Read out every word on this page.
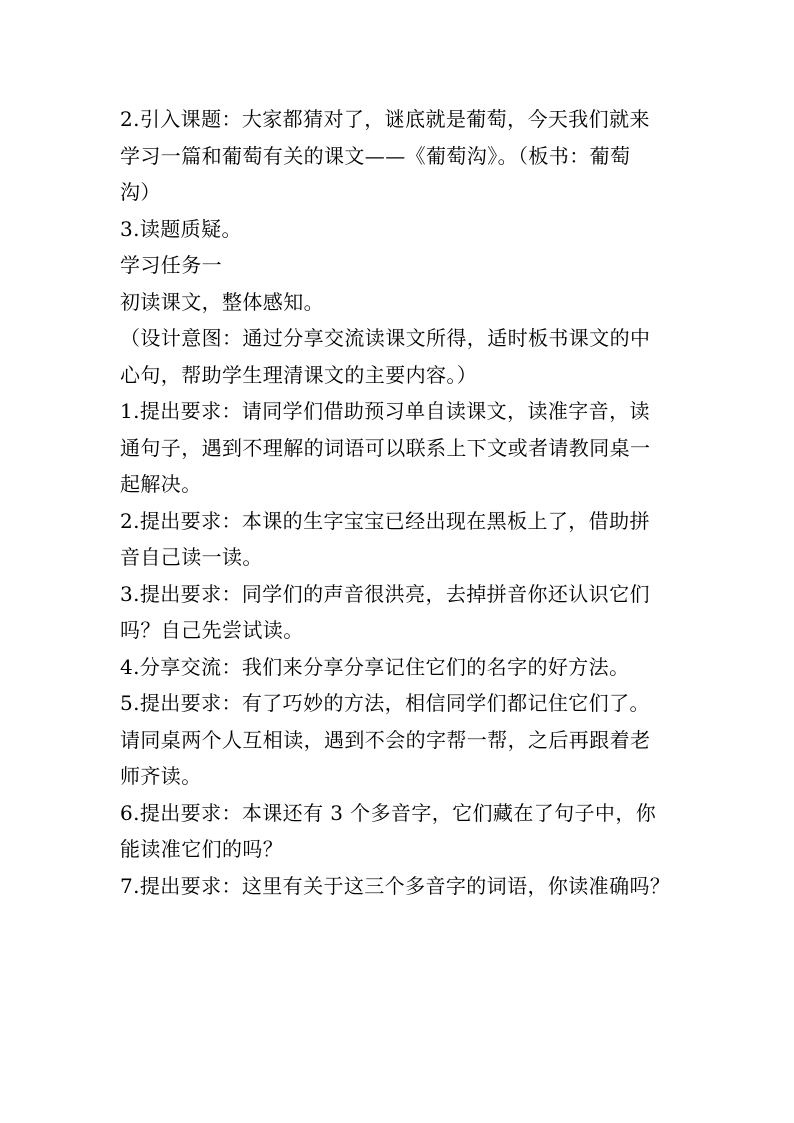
2.引入课题：大家都猜对了，谜底就是葡萄，今天我们就来
学习一篇和葡萄有关的课文——《葡萄沟》。（板书：葡萄
沟）
3.读题质疑。
学习任务一
初读课文，整体感知。
（设计意图：通过分享交流读课文所得，适时板书课文的中
心句，帮助学生理清课文的主要内容。）
1.提出要求：请同学们借助预习单自读课文，读准字音，读
通句子，遇到不理解的词语可以联系上下文或者请教同桌一
起解决。
2.提出要求：本课的生字宝宝已经出现在黑板上了，借助拼
音自己读一读。
3.提出要求：同学们的声音很洪亮，去掉拼音你还认识它们
吗？自己先尝试读。
4.分享交流：我们来分享分享记住它们的名字的好方法。
5.提出要求：有了巧妙的方法，相信同学们都记住它们了。
请同桌两个人互相读，遇到不会的字帮一帮，之后再跟着老
师齐读。
6.提出要求：本课还有 3 个多音字，它们藏在了句子中，你
能读准它们的吗？
7.提出要求：这里有关于这三个多音字的词语，你读准确吗？
